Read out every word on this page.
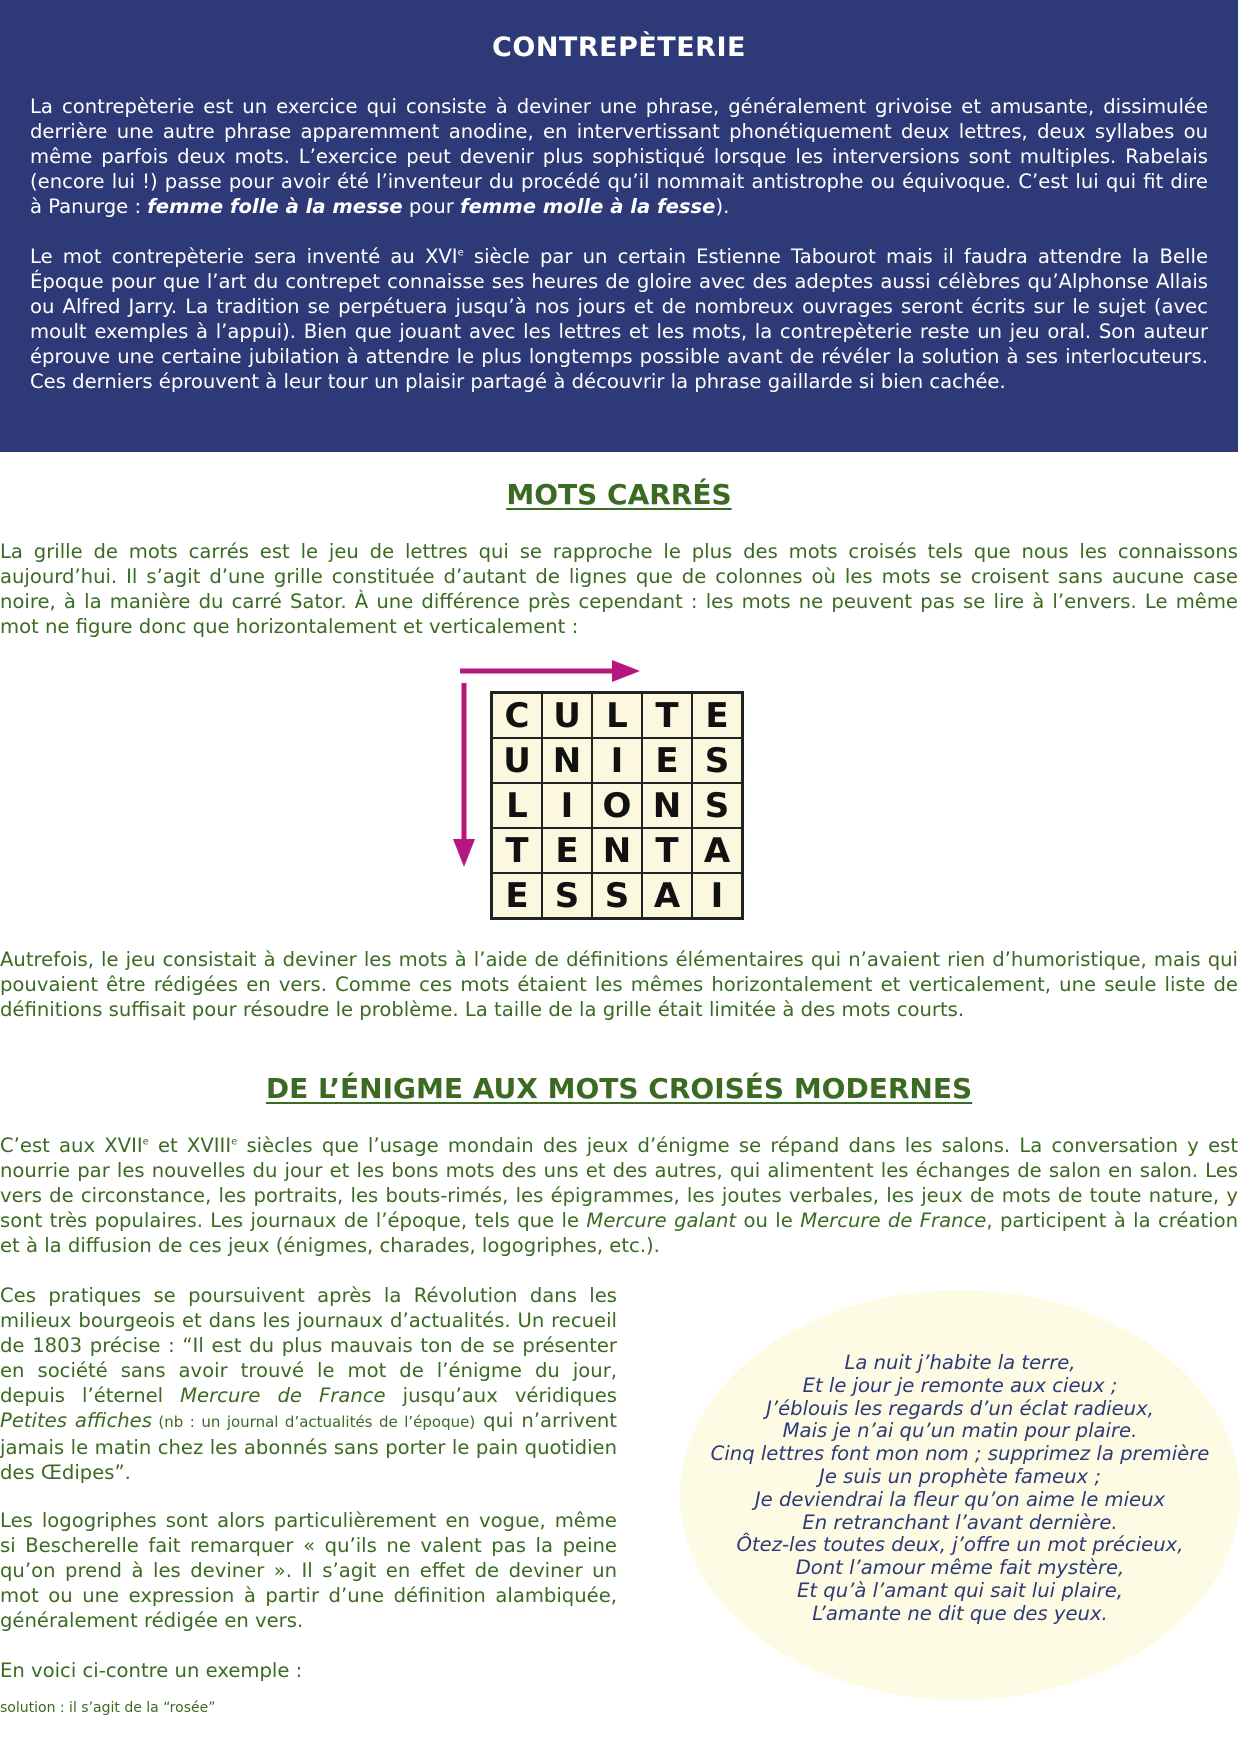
CONTREPÈTERIE

La contrepèterie est un exercice qui consiste à deviner une phrase, généralement grivoise et amusante, dissimulée derrière une autre phrase apparemment anodine, en intervertissant phonétiquement deux lettres, deux syllabes ou même parfois deux mots. L’exercice peut devenir plus sophistiqué lorsque les interversions sont multiples. Rabelais (encore lui !) passe pour avoir été l’inventeur du procédé qu’il nommait antistrophe ou équivoque. C’est lui qui fit dire à Panurge : femme folle à la messe pour femme molle à la fesse).

Le mot contrepèterie sera inventé au XVIe siècle par un certain Estienne Tabourot mais il faudra attendre la Belle Époque pour que l’art du contrepet connaisse ses heures de gloire avec des adeptes aussi célèbres qu’Alphonse Allais ou Alfred Jarry. La tradition se perpétuera jusqu’à nos jours et de nombreux ouvrages seront écrits sur le sujet (avec moult exemples à l’appui). Bien que jouant avec les lettres et les mots, la contrepèterie reste un jeu oral. Son auteur éprouve une certaine jubilation à attendre le plus longtemps possible avant de révéler la solution à ses interlocuteurs. Ces derniers éprouvent à leur tour un plaisir partagé à découvrir la phrase gaillarde si bien cachée.

MOTS CARRÉS

La grille de mots carrés est le jeu de lettres qui se rapproche le plus des mots croisés tels que nous les connaissons aujourd’hui. Il s’agit d’une grille constituée d’autant de lignes que de colonnes où les mots se croisent sans aucune case noire, à la manière du carré Sator. À une différence près cependant : les mots ne peuvent pas se lire à l’envers. Le même mot ne figure donc que horizontalement et verticalement :

C U L T E
U N I E S
L I O N S
T E N T A
E S S A I

Autrefois, le jeu consistait à deviner les mots à l’aide de définitions élémentaires qui n’avaient rien d’humoristique, mais qui pouvaient être rédigées en vers. Comme ces mots étaient les mêmes horizontalement et verticalement, une seule liste de définitions suffisait pour résoudre le problème. La taille de la grille était limitée à des mots courts.

DE L’ÉNIGME AUX MOTS CROISÉS MODERNES

C’est aux XVIIe et XVIIIe siècles que l’usage mondain des jeux d’énigme se répand dans les salons. La conversation y est nourrie par les nouvelles du jour et les bons mots des uns et des autres, qui alimentent les échanges de salon en salon. Les vers de circonstance, les portraits, les bouts-rimés, les épigrammes, les joutes verbales, les jeux de mots de toute nature, y sont très populaires. Les journaux de l’époque, tels que le Mercure galant ou le Mercure de France, participent à la création et à la diffusion de ces jeux (énigmes, charades, logogriphes, etc.).

Ces pratiques se poursuivent après la Révolution dans les milieux bourgeois et dans les journaux d’actualités. Un recueil de 1803 précise : “Il est du plus mauvais ton de se présenter en société sans avoir trouvé le mot de l’énigme du jour, depuis l’éternel Mercure de France jusqu’aux véridiques Petites affiches (nb : un journal d’actualités de l’époque) qui n’arrivent jamais le matin chez les abonnés sans porter le pain quotidien des Œdipes”.

Les logogriphes sont alors particulièrement en vogue, même si Bescherelle fait remarquer « qu’ils ne valent pas la peine qu’on prend à les deviner ». Il s’agit en effet de deviner un mot ou une expression à partir d’une définition alambiquée, généralement rédigée en vers.

En voici ci-contre un exemple :

solution : il s’agit de la “rosée”

La nuit j’habite la terre,
Et le jour je remonte aux cieux ;
J’éblouis les regards d’un éclat radieux,
Mais je n’ai qu’un matin pour plaire.
Cinq lettres font mon nom ; supprimez la première
Je suis un prophète fameux ;
Je deviendrai la fleur qu’on aime le mieux
En retranchant l’avant dernière.
Ôtez-les toutes deux, j’offre un mot précieux,
Dont l’amour même fait mystère,
Et qu’à l’amant qui sait lui plaire,
L’amante ne dit que des yeux.
